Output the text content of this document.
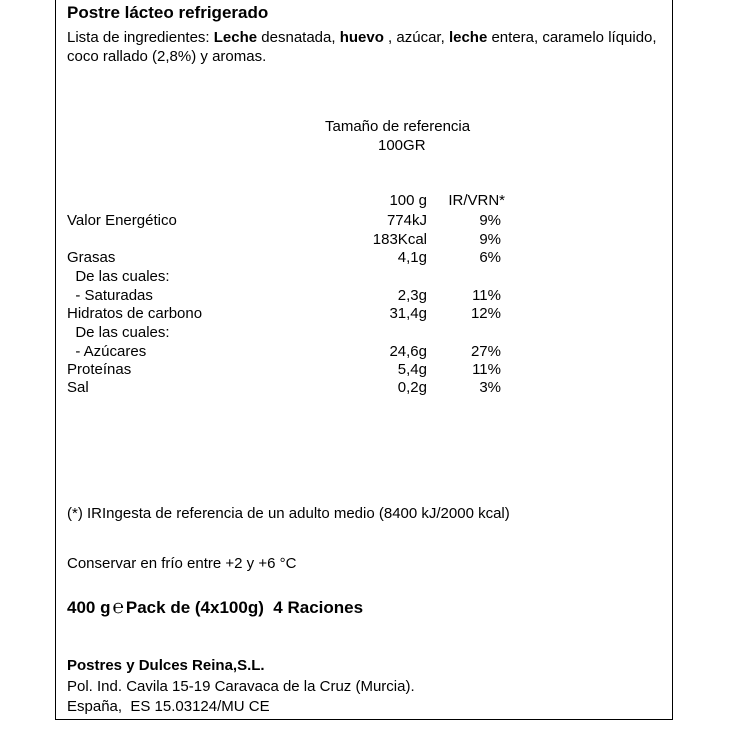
Postre lácteo refrigerado
Lista de ingredientes: Leche desnatada, huevo , azúcar, leche entera, caramelo líquido, coco rallado (2,8%) y aromas.
Tamaño de referencia
100GR
100 g IR/VRN*
Valor Energético	774kJ	9%
183Kcal	9%
Grasas	4,1g	6%
De las cuales:
- Saturadas	2,3g	11%
Hidratos de carbono	31,4g	12%
De las cuales:
- Azúcares	24,6g	27%
Proteínas	5,4g	11%
Sal	0,2g	3%
(*) IRIngesta de referencia de un adulto medio (8400 kJ/2000 kcal)
Conservar en frío entre +2 y +6 °C
400 g ℮ Pack de (4x100g)  4 Raciones
Postres y Dulces Reina,S.L.
Pol. Ind. Cavila 15-19 Caravaca de la Cruz (Murcia).
España,  ES 15.03124/MU CE
